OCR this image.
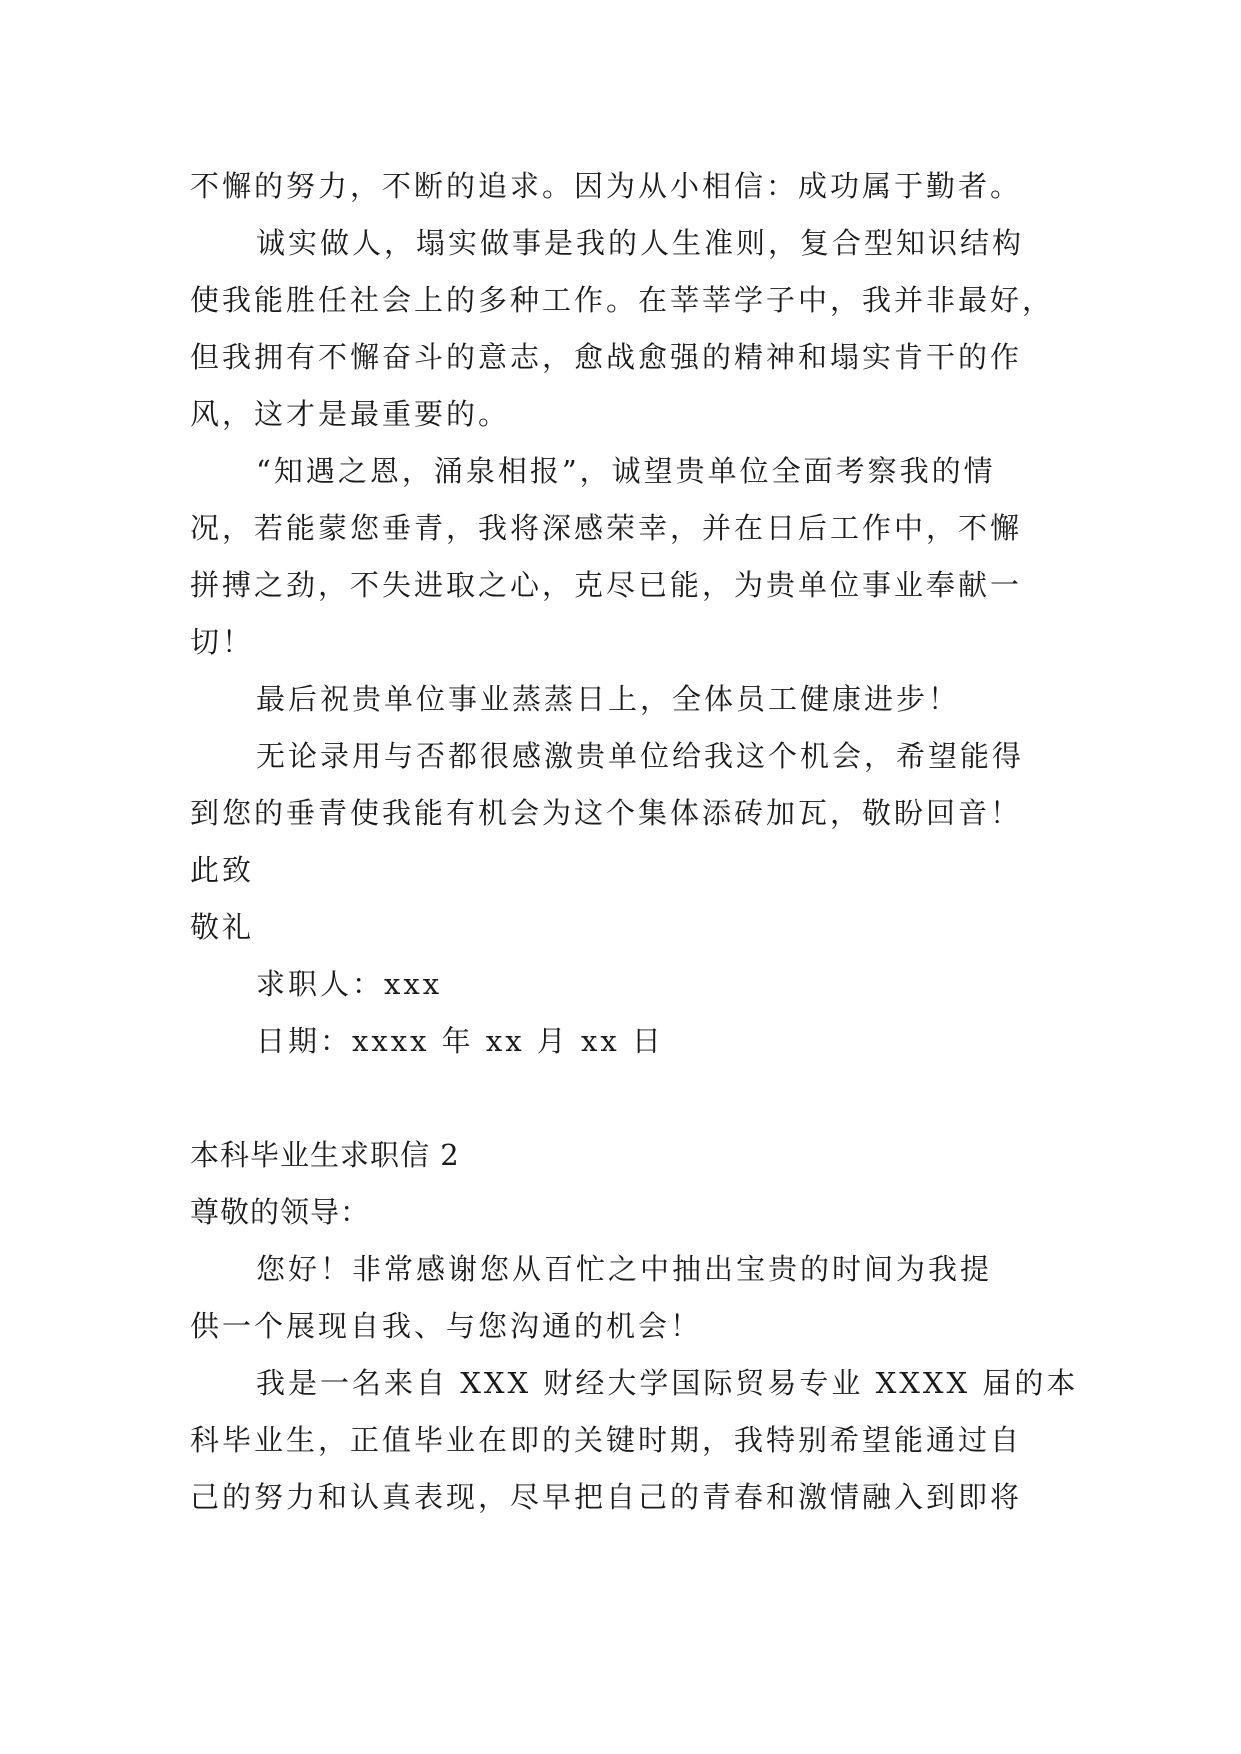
不懈的努力，不断的追求。因为从小相信：成功属于勤者。
诚实做人，塌实做事是我的人生准则，复合型知识结构
使我能胜任社会上的多种工作。在莘莘学子中，我并非最好，
但我拥有不懈奋斗的意志，愈战愈强的精神和塌实肯干的作
风，这才是最重要的。
“知遇之恩，涌泉相报”，诚望贵单位全面考察我的情
况，若能蒙您垂青，我将深感荣幸，并在日后工作中，不懈
拼搏之劲，不失进取之心，克尽已能，为贵单位事业奉献一
切！
最后祝贵单位事业蒸蒸日上，全体员工健康进步！
无论录用与否都很感激贵单位给我这个机会，希望能得
到您的垂青使我能有机会为这个集体添砖加瓦，敬盼回音！
此致
敬礼
求职人：xxx
日期：xxxx 年 xx 月 xx 日
本科毕业生求职信 2
尊敬的领导：
您好！非常感谢您从百忙之中抽出宝贵的时间为我提
供一个展现自我、与您沟通的机会！
我是一名来自 XXX 财经大学国际贸易专业 XXXX 届的本
科毕业生，正值毕业在即的关键时期，我特别希望能通过自
己的努力和认真表现，尽早把自己的青春和激情融入到即将
